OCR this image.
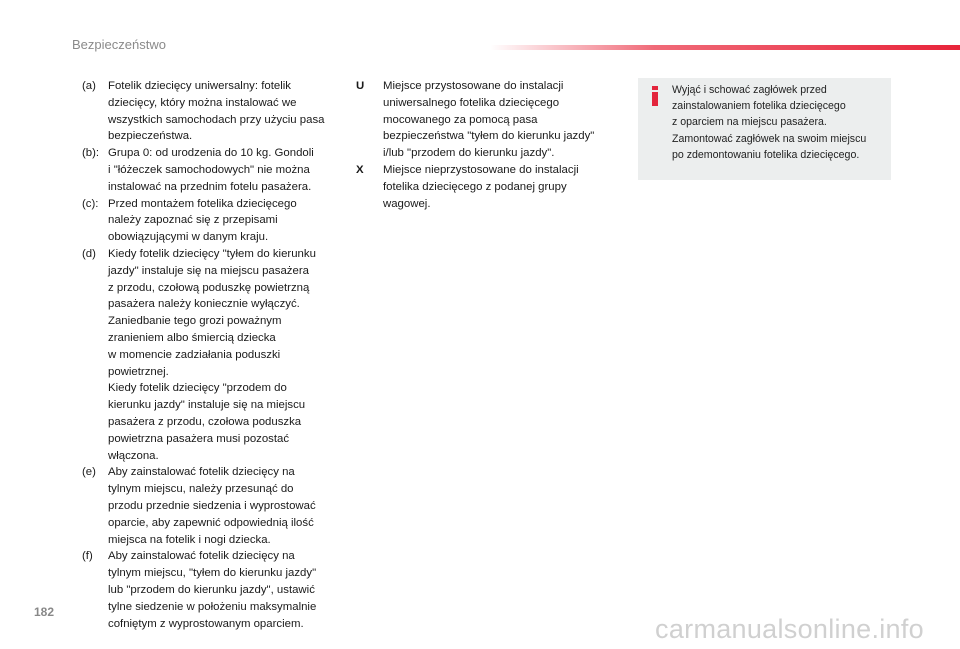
Bezpieczeństwo
(a) Fotelik dziecięcy uniwersalny: fotelik
dziecięcy, który można instalować we
wszystkich samochodach przy użyciu pasa
bezpieczeństwa.
(b): Grupa 0: od urodzenia do 10 kg. Gondoli
i "łóżeczek samochodowych" nie można
instalować na przednim fotelu pasażera.
(c): Przed montażem fotelika dziecięcego
należy zapoznać się z przepisami
obowiązującymi w danym kraju.
(d) Kiedy fotelik dziecięcy "tyłem do kierunku
jazdy" instaluje się na miejscu pasażera
z przodu, czołową poduszkę powietrzną
pasażera należy koniecznie wyłączyć.
Zaniedbanie tego grozi poważnym
zranieniem albo śmiercią dziecka
w momencie zadziałania poduszki
powietrznej.
Kiedy fotelik dziecięcy "przodem do
kierunku jazdy" instaluje się na miejscu
pasażera z przodu, czołowa poduszka
powietrzna pasażera musi pozostać
włączona.
(e) Aby zainstalować fotelik dziecięcy na
tylnym miejscu, należy przesunąć do
przodu przednie siedzenia i wyprostować
oparcie, aby zapewnić odpowiednią ilość
miejsca na fotelik i nogi dziecka.
(f) Aby zainstalować fotelik dziecięcy na
tylnym miejscu, "tyłem do kierunku jazdy"
lub "przodem do kierunku jazdy", ustawić
tylne siedzenie w położeniu maksymalnie
cofniętym z wyprostowanym oparciem.
U Miejsce przystosowane do instalacji
uniwersalnego fotelika dziecięcego
mocowanego za pomocą pasa
bezpieczeństwa "tyłem do kierunku jazdy"
i/lub "przodem do kierunku jazdy".
X Miejsce nieprzystosowane do instalacji
fotelika dziecięcego z podanej grupy
wagowej.
Wyjąć i schować zagłówek przed
zainstalowaniem fotelika dziecięcego
z oparciem na miejscu pasażera.
Zamontować zagłówek na swoim miejscu
po zdemontowaniu fotelika dziecięcego.
182
carmanualsonline.info
